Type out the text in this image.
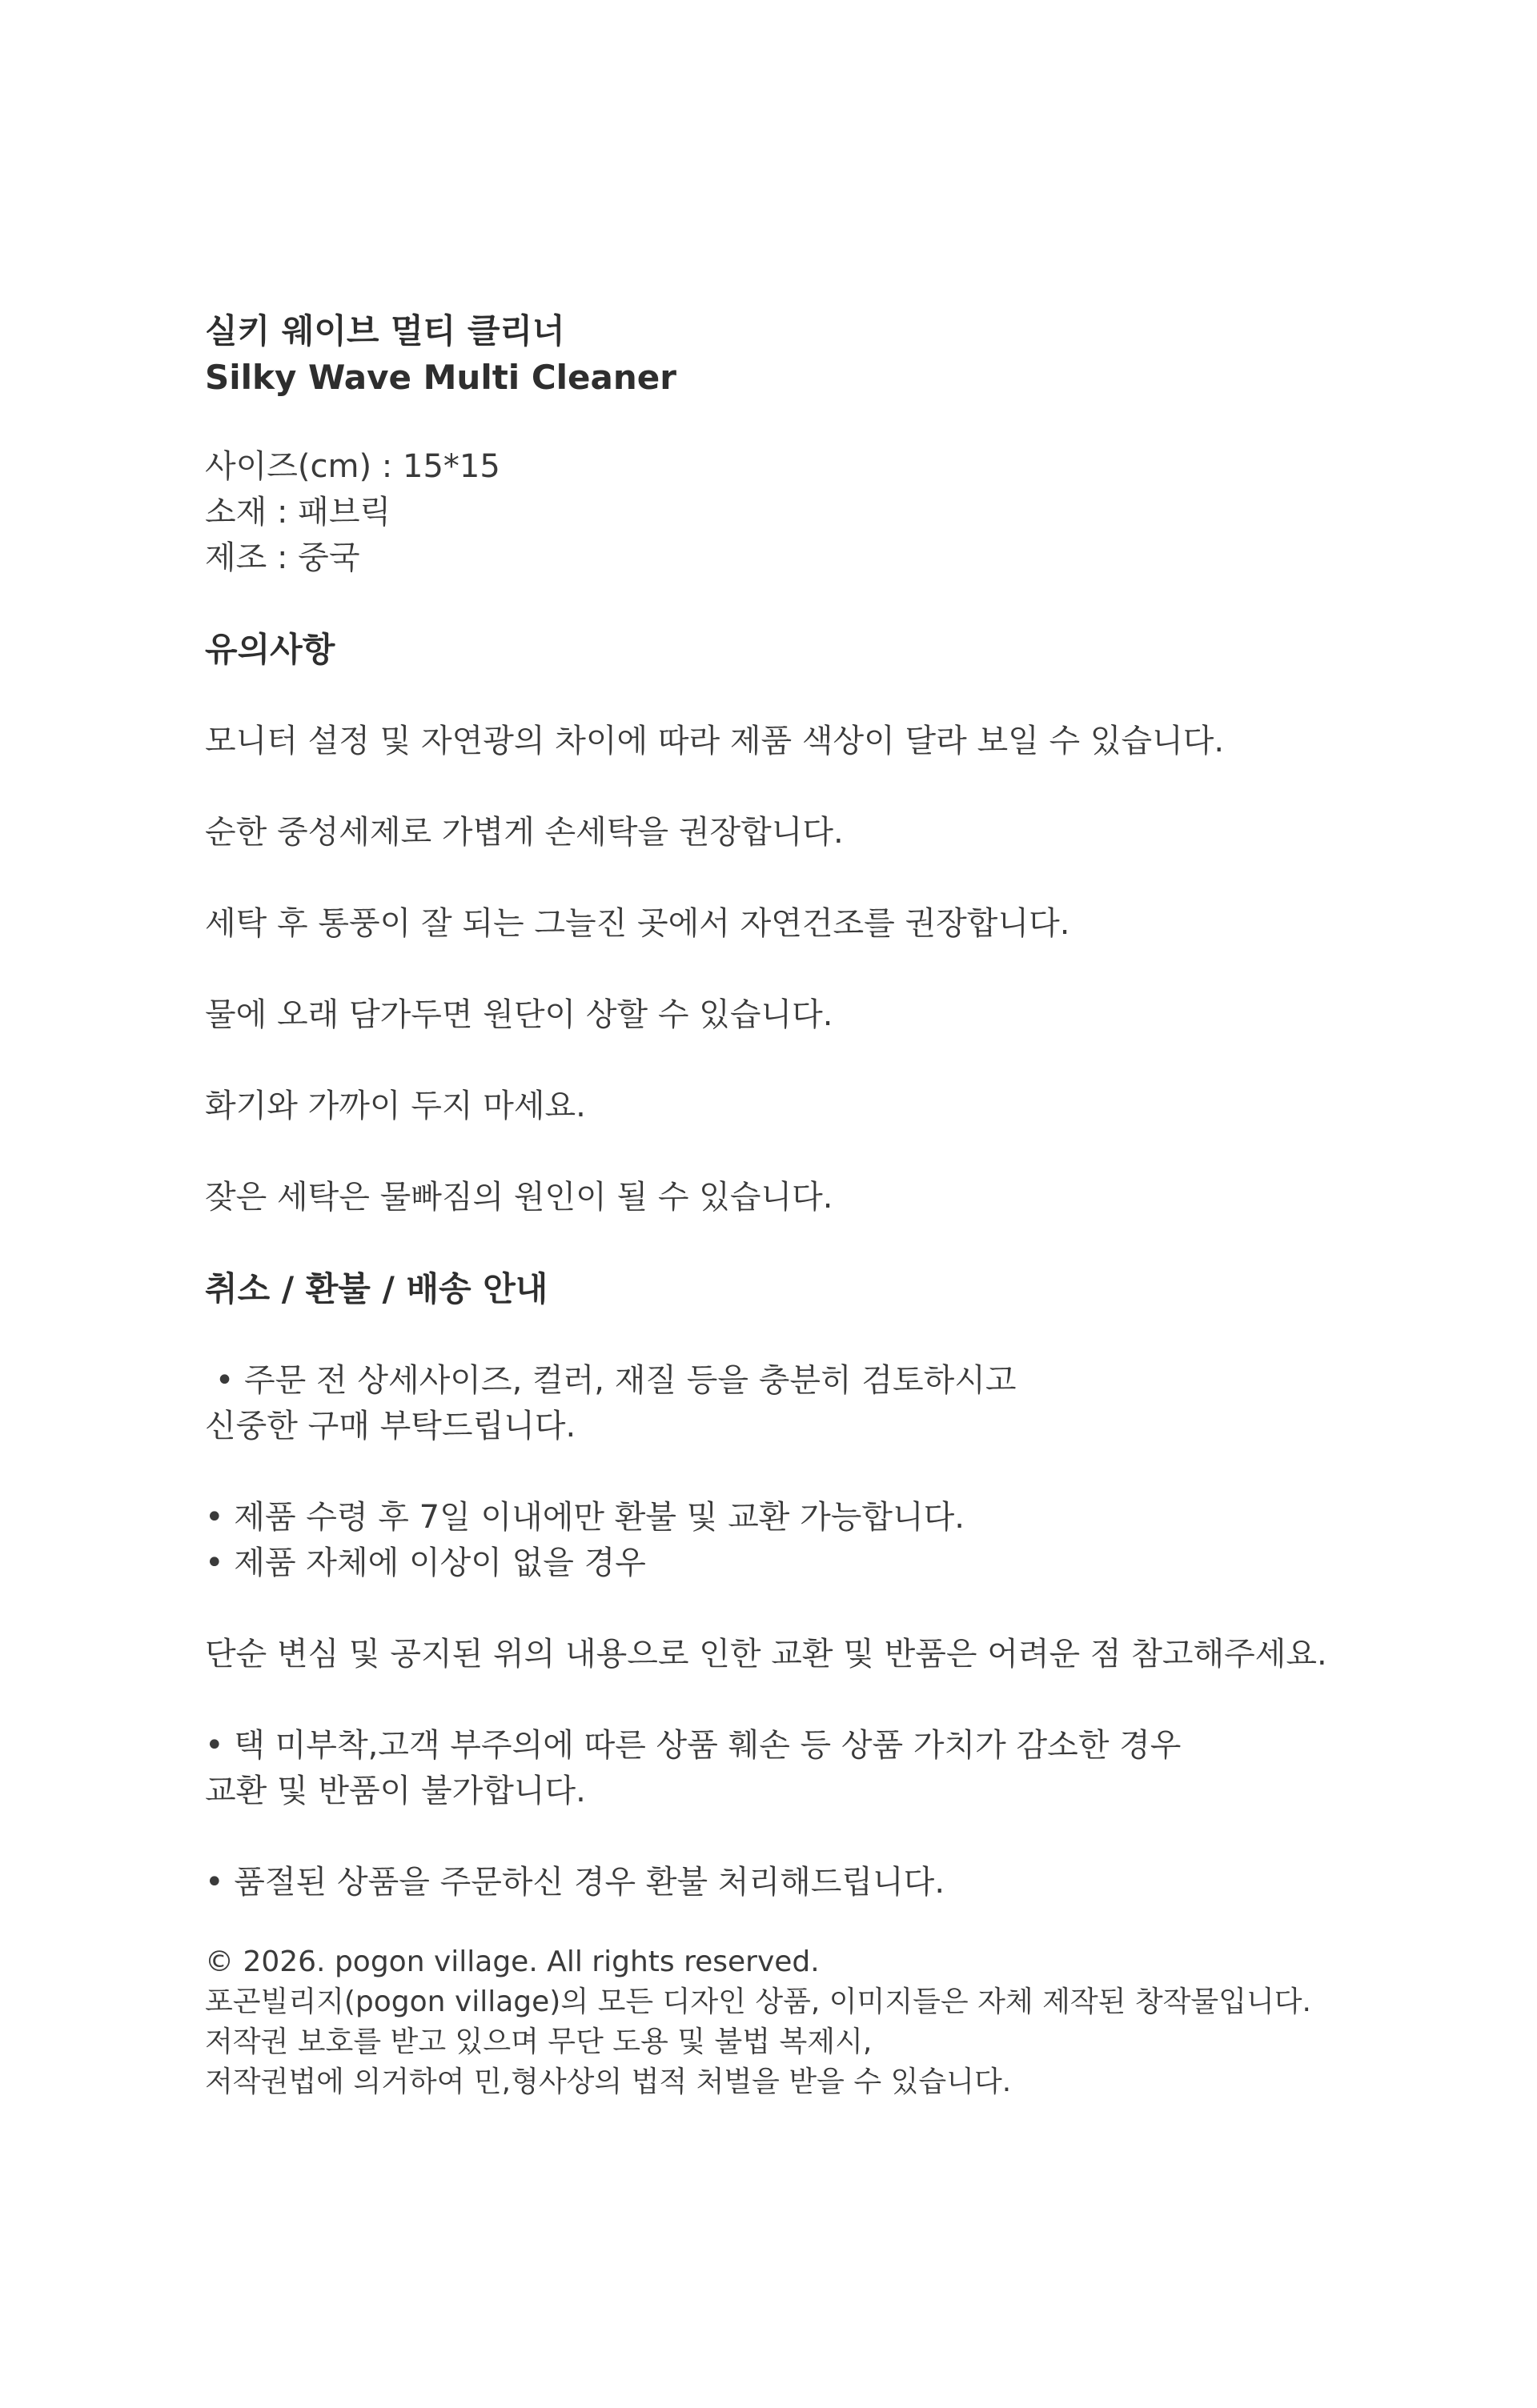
실키 웨이브 멀티 클리너

Silky Wave Multi Cleaner

사이즈(cm) : 15*15

소재 : 패브릭

제조 : 중국

유의사항

모니터 설정 및 자연광의 차이에 따라 제품 색상이 달라 보일 수 있습니다.

순한 중성세제로 가볍게 손세탁을 권장합니다.

세탁 후 통풍이 잘 되는 그늘진 곳에서 자연건조를 권장합니다.

물에 오래 담가두면 원단이 상할 수 있습니다.

화기와 가까이 두지 마세요.

잦은 세탁은 물빠짐의 원인이 될 수 있습니다.

취소 / 환불 / 배송 안내

• 주문 전 상세사이즈, 컬러, 재질 등을 충분히 검토하시고

신중한 구매 부탁드립니다.

• 제품 수령 후 7일 이내에만 환불 및 교환 가능합니다.

• 제품 자체에 이상이 없을 경우

단순 변심 및 공지된 위의 내용으로 인한 교환 및 반품은 어려운 점 참고해주세요.

• 택 미부착,고객 부주의에 따른 상품 훼손 등 상품 가치가 감소한 경우

교환 및 반품이 불가합니다.

• 품절된 상품을 주문하신 경우 환불 처리해드립니다.

© 2026. pogon village. All rights reserved.

포곤빌리지(pogon village)의 모든 디자인 상품, 이미지들은 자체 제작된 창작물입니다.

저작권 보호를 받고 있으며 무단 도용 및 불법 복제시,

저작권법에 의거하여 민,형사상의 법적 처벌을 받을 수 있습니다.
